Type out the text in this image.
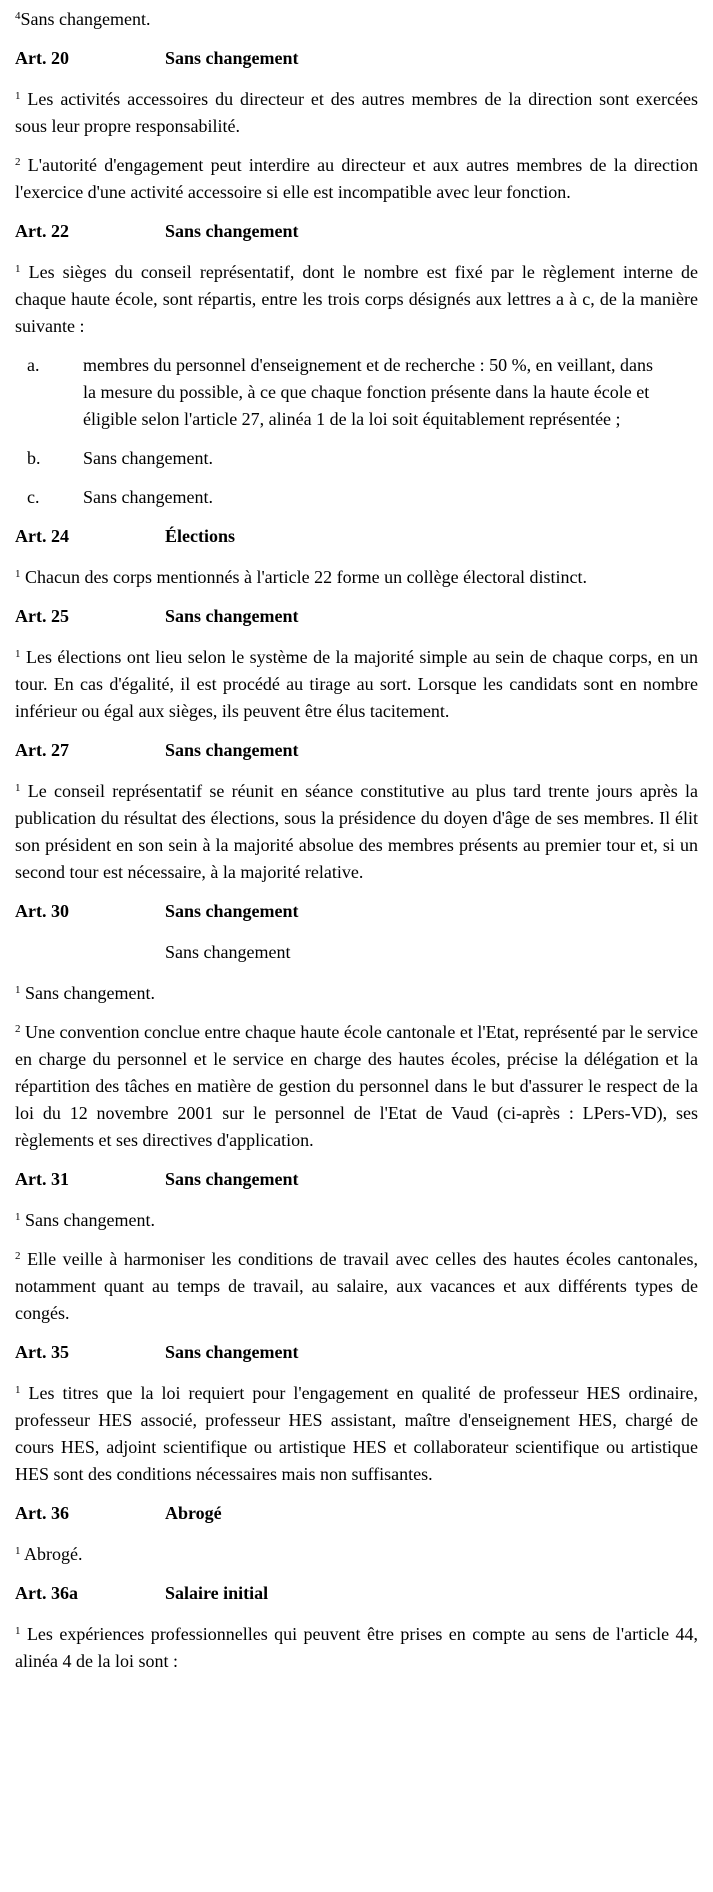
$^4$Sans changement.

Art. 20	Sans changement

$^1$ Les activités accessoires du directeur et des autres membres de la direction sont exercées sous leur propre responsabilité.

$^2$ L'autorité d'engagement peut interdire au directeur et aux autres membres de la direction l'exercice d'une activité accessoire si elle est incompatible avec leur fonction.

Art. 22	Sans changement

$^1$ Les sièges du conseil représentatif, dont le nombre est fixé par le règlement interne de chaque haute école, sont répartis, entre les trois corps désignés aux lettres a à c, de la manière suivante :

a.	membres du personnel d'enseignement et de recherche : 50 %, en veillant, dans la mesure du possible, à ce que chaque fonction présente dans la haute école et éligible selon l'article 27, alinéa 1 de la loi soit équitablement représentée ;
b.	Sans changement.
c.	Sans changement.
Art. 24	Élections

$^1$ Chacun des corps mentionnés à l'article 22 forme un collège électoral distinct.

Art. 25	Sans changement

$^1$ Les élections ont lieu selon le système de la majorité simple au sein de chaque corps, en un tour. En cas d'égalité, il est procédé au tirage au sort. Lorsque les candidats sont en nombre inférieur ou égal aux sièges, ils peuvent être élus tacitement.

Art. 27	Sans changement

$^1$ Le conseil représentatif se réunit en séance constitutive au plus tard trente jours après la publication du résultat des élections, sous la présidence du doyen d'âge de ses membres. Il élit son président en son sein à la majorité absolue des membres présents au premier tour et, si un second tour est nécessaire, à la majorité relative.

Art. 30	Sans changement
Sans changement

$^1$ Sans changement.

$^2$ Une convention conclue entre chaque haute école cantonale et l'Etat, représenté par le service en charge du personnel et le service en charge des hautes écoles, précise la délégation et la répartition des tâches en matière de gestion du personnel dans le but d'assurer le respect de la loi du 12 novembre 2001 sur le personnel de l'Etat de Vaud (ci-après : LPers-VD), ses règlements et ses directives d'application.

Art. 31	Sans changement

$^1$ Sans changement.

$^2$ Elle veille à harmoniser les conditions de travail avec celles des hautes écoles cantonales, notamment quant au temps de travail, au salaire, aux vacances et aux différents types de congés.

Art. 35	Sans changement

$^1$ Les titres que la loi requiert pour l'engagement en qualité de professeur HES ordinaire, professeur HES associé, professeur HES assistant, maître d'enseignement HES, chargé de cours HES, adjoint scientifique ou artistique HES et collaborateur scientifique ou artistique HES sont des conditions nécessaires mais non suffisantes.

Art. 36	Abrogé

$^1$ Abrogé.

Art. 36a	Salaire initial

$^1$ Les expériences professionnelles qui peuvent être prises en compte au sens de l'article 44, alinéa 4 de la loi sont :
